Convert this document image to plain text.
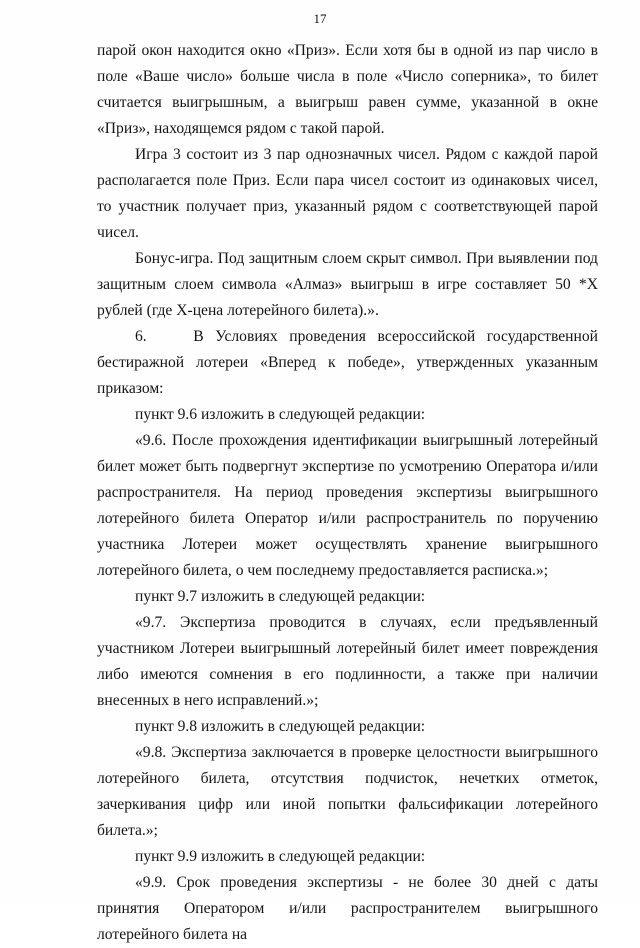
17

парой окон находится окно «Приз». Если хотя бы в одной из пар число в поле «Ваше число» больше числа в поле «Число соперника», то билет считается выигрышным, а выигрыш равен сумме, указанной в окне «Приз», находящемся рядом с такой парой.

Игра 3 состоит из 3 пар однозначных чисел. Рядом с каждой парой располагается поле Приз. Если пара чисел состоит из одинаковых чисел, то участник получает приз, указанный рядом с соответствующей парой чисел.

Бонус-игра. Под защитным слоем скрыт символ. При выявлении под защитным слоем символа «Алмаз» выигрыш в игре составляет 50 *Х рублей (где Х-цена лотерейного билета).».

6.    В Условиях проведения всероссийской государственной бестиражной лотереи «Вперед к победе», утвержденных указанным приказом:

пункт 9.6 изложить в следующей редакции:

«9.6. После прохождения идентификации выигрышный лотерейный билет может быть подвергнут экспертизе по усмотрению Оператора и/или распространителя. На период проведения экспертизы выигрышного лотерейного билета Оператор и/или распространитель по поручению участника Лотереи может осуществлять хранение выигрышного лотерейного билета, о чем последнему предоставляется расписка.»;

пункт 9.7 изложить в следующей редакции:

«9.7. Экспертиза проводится в случаях, если предъявленный участником Лотереи выигрышный лотерейный билет имеет повреждения либо имеются сомнения в его подлинности, а также при наличии внесенных в него исправлений.»;

пункт 9.8 изложить в следующей редакции:

«9.8. Экспертиза заключается в проверке целостности выигрышного лотерейного билета, отсутствия подчисток, нечетких отметок, зачеркивания цифр или иной попытки фальсификации лотерейного билета.»;

пункт 9.9 изложить в следующей редакции:

«9.9. Срок проведения экспертизы - не более 30 дней с даты принятия Оператором и/или распространителем выигрышного лотерейного билета на
